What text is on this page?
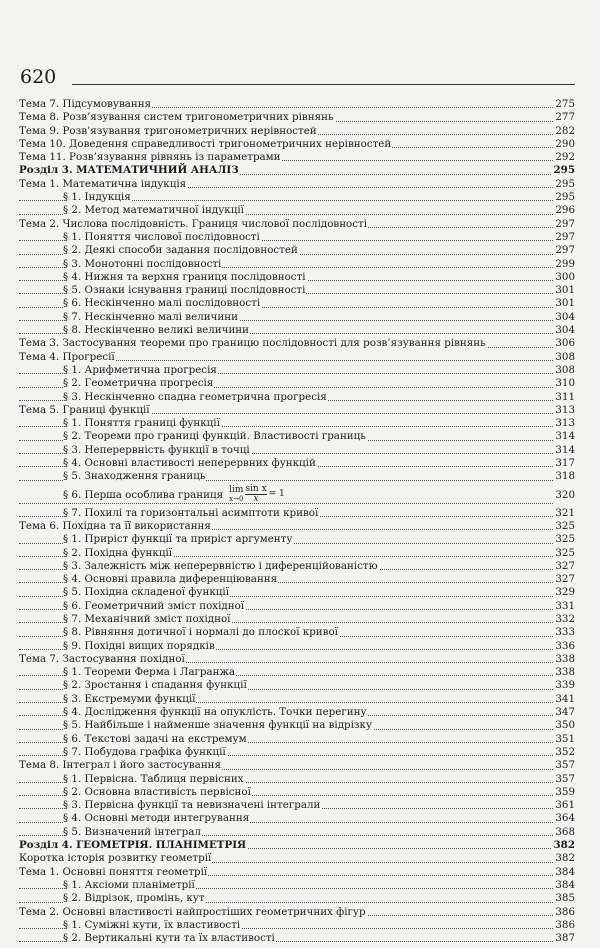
620
Тема 7. Підсумовування	275
Тема 8. Розв’язування систем тригонометричних рівнянь	277
Тема 9. Розв’язування тригонометричних нерівностей	282
Тема 10. Доведення справедливості тригонометричних нерівностей	290
Тема 11. Розв’язування рівнянь із параметрами	292
Розділ 3. МАТЕМАТИЧНИЙ АНАЛІЗ	295
Тема 1. Математична індукція	295
§ 1. Індукція	295
§ 2. Метод математичної індукції	296
Тема 2. Числова послідовність. Границя числової послідовності	297
§ 1. Поняття числової послідовності	297
§ 2. Деякі способи задання послідовностей	297
§ 3. Монотонні послідовності	299
§ 4. Нижня та верхня границя послідовності	300
§ 5. Ознаки існування границі послідовності	301
§ 6. Нескінченно малі послідовності	301
§ 7. Нескінченно малі величини	304
§ 8. Нескінченно великі величини	304
Тема 3. Застосування теореми про границю послідовності для розв’язування рівнянь	306
Тема 4. Прогресії	308
§ 1. Арифметична прогресія	308
§ 2. Геометрична прогресія	310
§ 3. Нескінченно спадна геометрична прогресія	311
Тема 5. Границі функції	313
§ 1. Поняття границі функції	313
§ 2. Теореми про границі функцій. Властивості границь	314
§ 3. Неперервність функції в точці	314
§ 4. Основні властивості неперервних функцій	317
§ 5. Знаходження границь	318
§ 6. Перша особлива границя lim
$x\to 0 \frac{\text{sin x}}{x} = 1$	320
§ 7. Похилі та горизонтальні асимптоти кривої	321
Тема 6. Похідна та її використання	325
§ 1. Приріст функції та приріст аргументу	325
§ 2. Похідна функції	325
§ 3. Залежність між неперервністю і диференційованістю	327
§ 4. Основні правила диференціювання	327
§ 5. Похідна складеної функції	329
§ 6. Геометричний зміст похідної	331
§ 7. Механічний зміст похідної	332
§ 8. Рівняння дотичної і нормалі до плоскої кривої	333
§ 9. Похідні вищих порядків	336
Тема 7. Застосування похідної	338
§ 1. Теореми Ферма і Лагранжа	338
§ 2. Зростання і спадання функції	339
§ 3. Екстремуми функції	341
§ 4. Дослідження функції на опуклість. Точки перегину	347
§ 5. Найбільше і найменше значення функції на відрізку	350
§ 6. Текстові задачі на екстремум	351
§ 7. Побудова графіка функції	352
Тема 8. Інтеграл і його застосування	357
§ 1. Первісна. Таблиця первісних	357
§ 2. Основна властивість первісної	359
§ 3. Первісна функції та невизначені інтеграли	361
§ 4. Основні методи интегрування	364
§ 5. Визначений інтеграл	368
Розділ 4. ГЕОМЕТРІЯ. ПЛАНІМЕТРІЯ	382
Коротка історія розвитку геометрії	382
Тема 1. Основні поняття геометрії	384
§ 1. Аксіоми планіметрії	384
§ 2. Відрізок, промінь, кут	385
Тема 2. Основні властивості найпростіших геометричних фігур	386
§ 1. Суміжні кути, їх властивості	386
§ 2. Вертикальні кути та їх властивості	387
